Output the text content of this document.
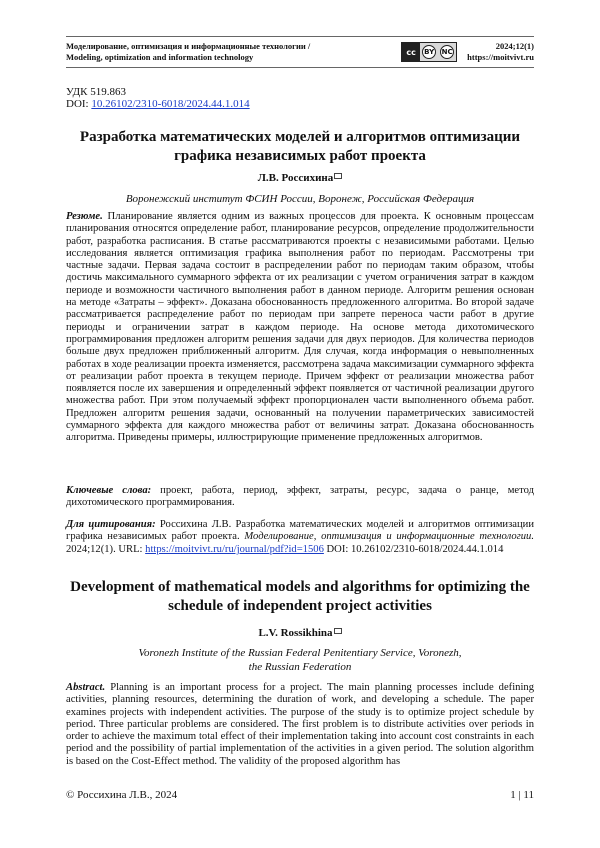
Моделирование, оптимизация и информационные технологии /
Modeling, optimization and information technology	cc	BY NC
2024;12(1)
https://moitvivt.ru
УДК 519.863
DOI: 10.26102/2310-6018/2024.44.1.014
Разработка математических моделей и алгоритмов оптимизации графика независимых работ проекта
Л.В. Россихина
Воронежский институт ФСИН России, Воронеж, Российская Федерация
Резюме. Планирование является одним из важных процессов для проекта. К основным процессам планирования относятся определение работ, планирование ресурсов, определение продолжительности работ, разработка расписания. В статье рассматриваются проекты с независимыми работами. Целью исследования является оптимизация графика выполнения работ по периодам. Рассмотрены три частные задачи. Первая задача состоит в распределении работ по периодам таким образом, чтобы достичь максимального суммарного эффекта от их реализации с учетом ограничения затрат в каждом периоде и возможности частичного выполнения работ в данном периоде. Алгоритм решения основан на методе «Затраты – эффект». Доказана обоснованность предложенного алгоритма. Во второй задаче рассматривается распределение работ по периодам при запрете переноса части работ в другие периоды и ограничении затрат в каждом периоде. На основе метода дихотомического программирования предложен алгоритм решения задачи для двух периодов. Для количества периодов больше двух предложен приближенный алгоритм. Для случая, когда информация о невыполненных работах в ходе реализации проекта изменяется, рассмотрена задача максимизации суммарного эффекта от реализации работ проекта в текущем периоде. Причем эффект от реализации множества работ появляется после их завершения и определенный эффект появляется от частичной реализации другого множества работ. При этом получаемый эффект пропорционален части выполненного объема работ. Предложен алгоритм решения задачи, основанный на получении параметрических зависимостей суммарного эффекта для каждого множества работ от величины затрат. Доказана обоснованность алгоритма. Приведены примеры, иллюстрирующие применение предложенных алгоритмов.
Ключевые слова: проект, работа, период, эффект, затраты, ресурс, задача о ранце, метод дихотомического программирования.
Для цитирования: Россихина Л.В. Разработка математических моделей и алгоритмов оптимизации графика независимых работ проекта. Моделирование, оптимизация и информационные технологии. 2024;12(1). URL: https://moitvivt.ru/ru/journal/pdf?id=1506 DOI: 10.26102/2310-6018/2024.44.1.014
Development of mathematical models and algorithms for optimizing the schedule of independent project activities
L.V. Rossikhina
Voronezh Institute of the Russian Federal Penitentiary Service, Voronezh,
the Russian Federation
Abstract. Planning is an important process for a project. The main planning processes include defining activities, planning resources, determining the duration of work, and developing a schedule. The paper examines projects with independent activities. The purpose of the study is to optimize project schedule by period. Three particular problems are considered. The first problem is to distribute activities over periods in order to achieve the maximum total effect of their implementation taking into account cost constraints in each period and the possibility of partial implementation of the activities in a given period. The solution algorithm is based on the Cost-Effect method. The validity of the proposed algorithm has
© Россихина Л.В., 2024	1 | 11
